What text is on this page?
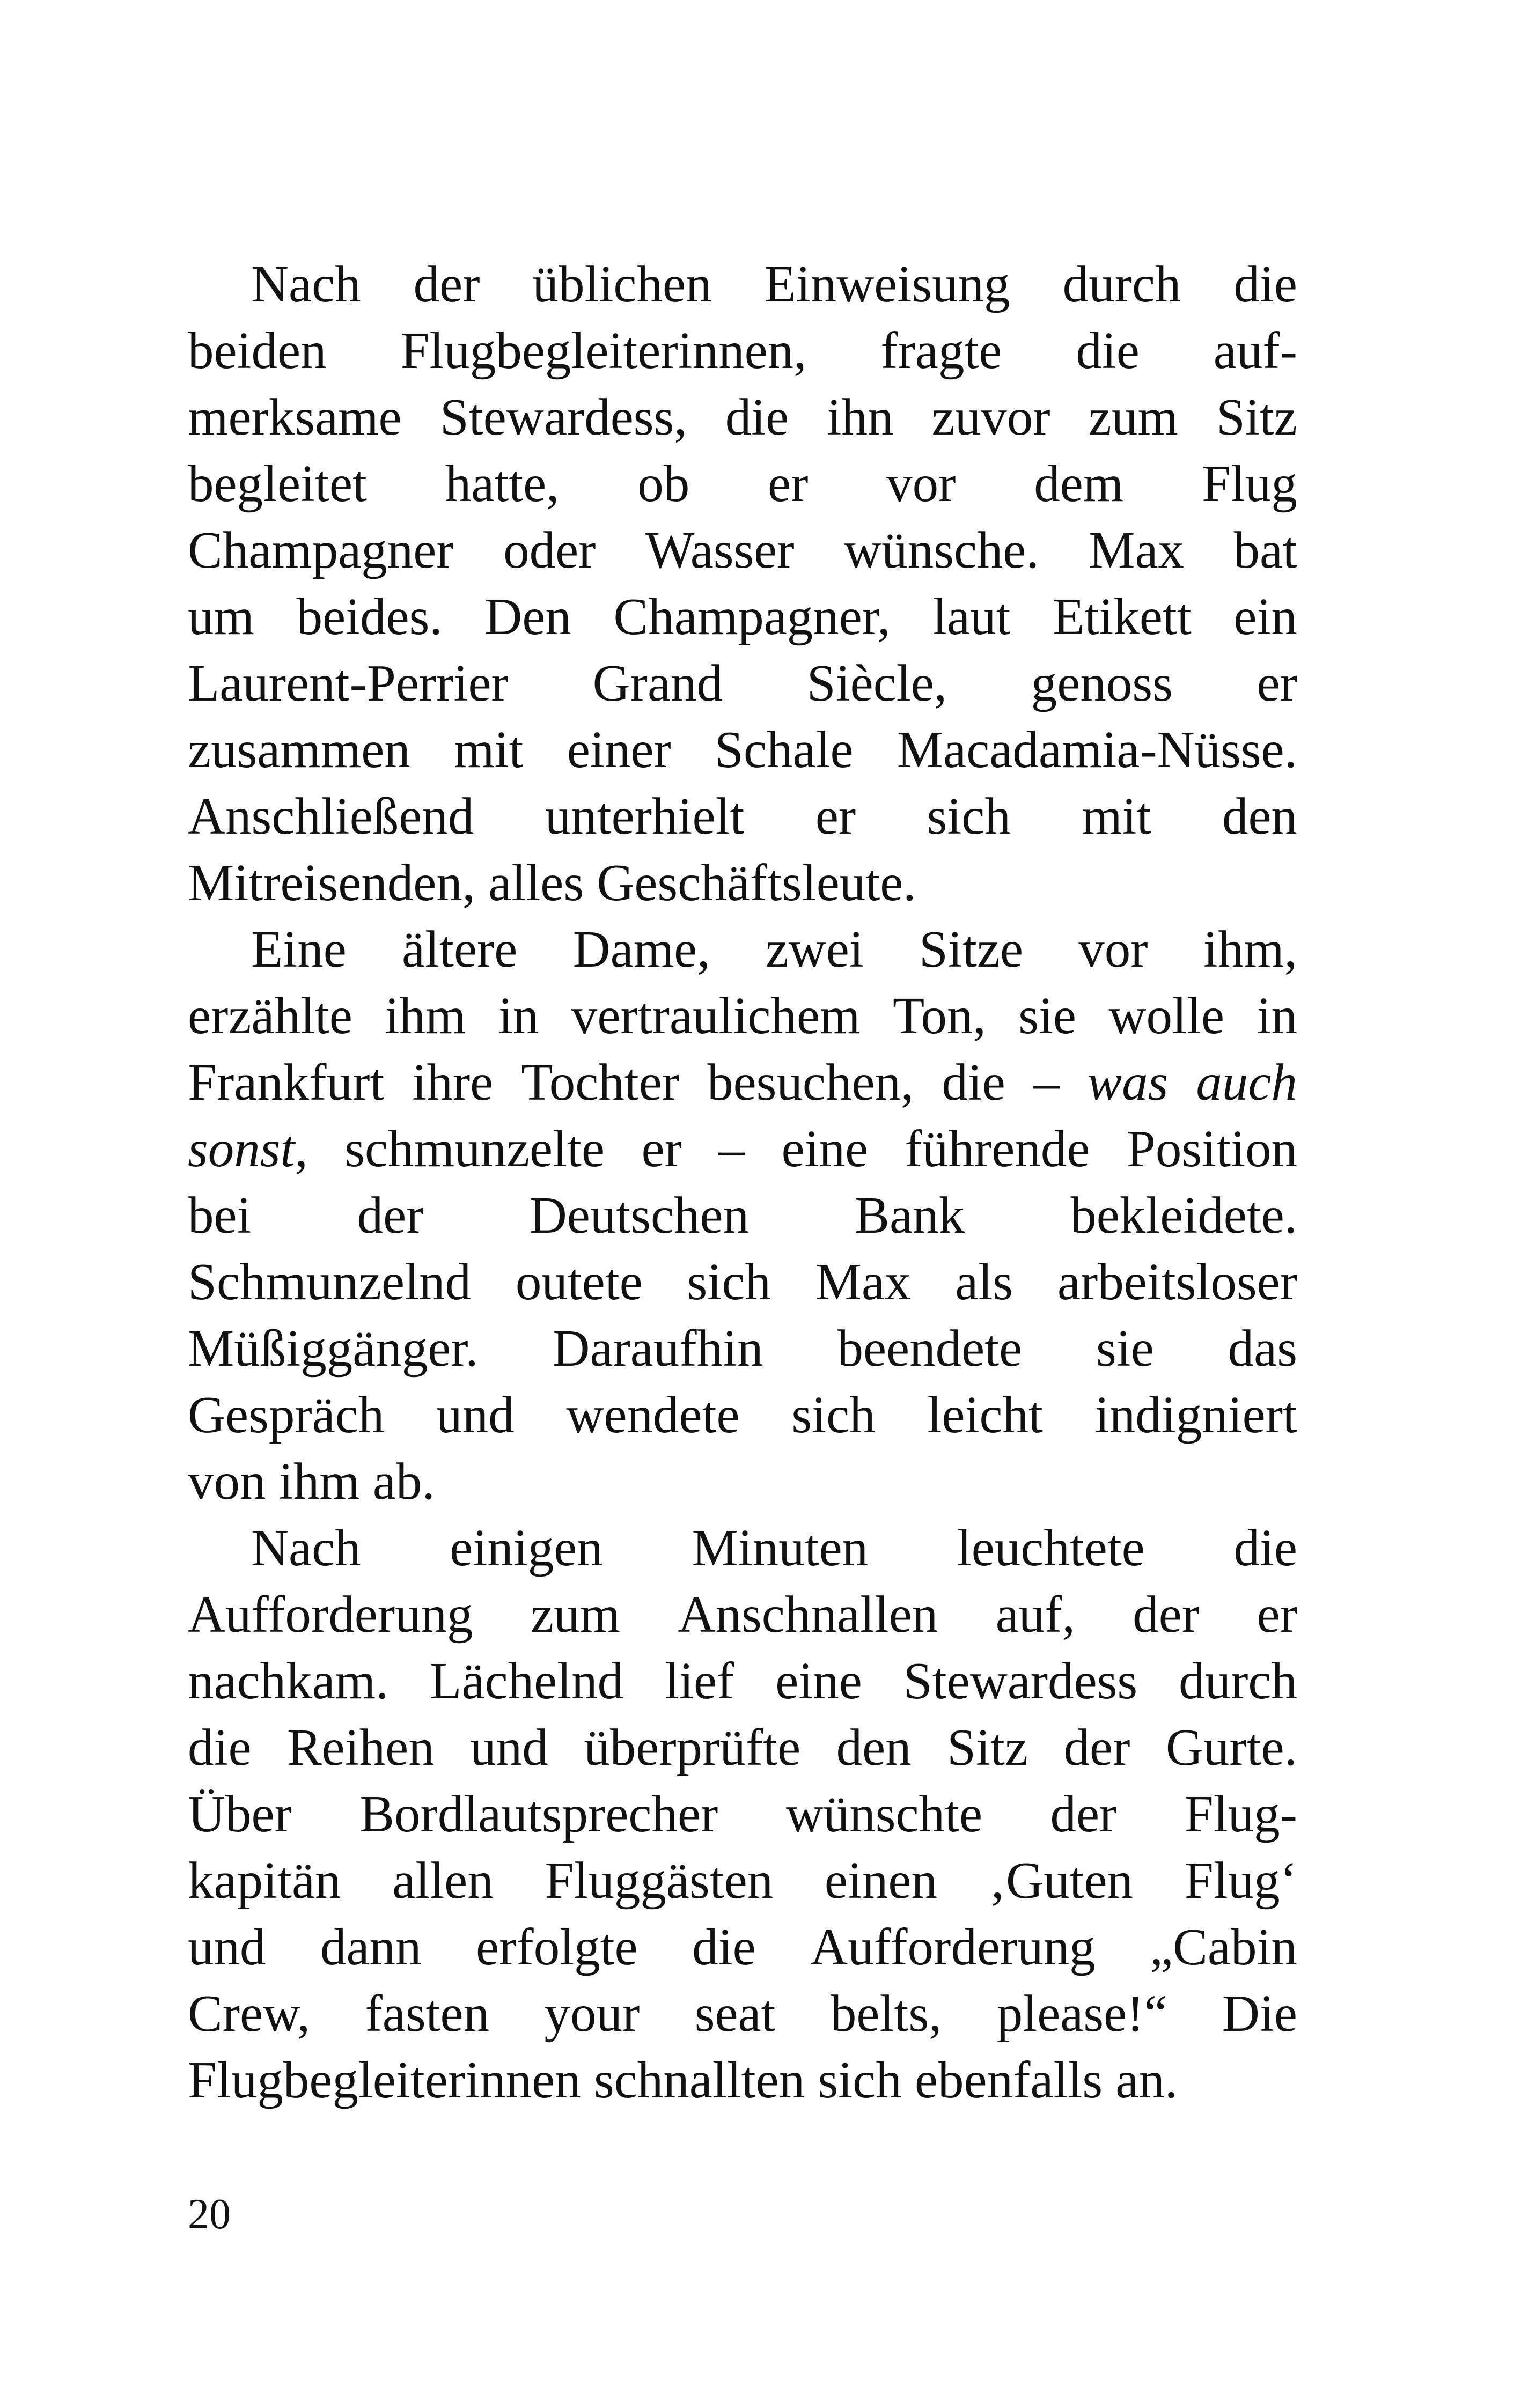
Nach der üblichen Einweisung durch die
beiden Flugbegleiterinnen, fragte die auf-
merksame Stewardess, die ihn zuvor zum Sitz
begleitet hatte, ob er vor dem Flug
Champagner oder Wasser wünsche. Max bat
um beides. Den Champagner, laut Etikett ein
Laurent-Perrier Grand Siècle, genoss er
zusammen mit einer Schale Macadamia-Nüsse.
Anschließend unterhielt er sich mit den
Mitreisenden, alles Geschäftsleute.
Eine ältere Dame, zwei Sitze vor ihm,
erzählte ihm in vertraulichem Ton, sie wolle in
Frankfurt ihre Tochter besuchen, die – was auch
sonst, schmunzelte er – eine führende Position
bei der Deutschen Bank bekleidete.
Schmunzelnd outete sich Max als arbeitsloser
Müßiggänger. Daraufhin beendete sie das
Gespräch und wendete sich leicht indigniert
von ihm ab.
Nach einigen Minuten leuchtete die
Aufforderung zum Anschnallen auf, der er
nachkam. Lächelnd lief eine Stewardess durch
die Reihen und überprüfte den Sitz der Gurte.
Über Bordlautsprecher wünschte der Flug-
kapitän allen Fluggästen einen ‚Guten Flug‘
und dann erfolgte die Aufforderung „Cabin
Crew, fasten your seat belts, please!“ Die
Flugbegleiterinnen schnallten sich ebenfalls an.
20
